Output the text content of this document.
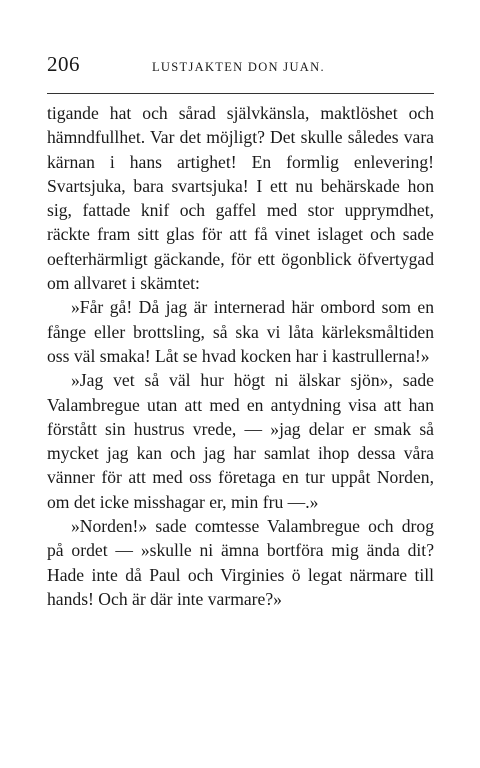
206	LUSTJAKTEN DON JUAN.

tigande hat och sårad självkänsla, maktlöshet och hämndfullhet. Var det möjligt? Det skulle således vara kärnan i hans artighet! En formlig enlevering! Svartsjuka, bara svartsjuka! I ett nu behärskade hon sig, fattade knif och gaffel med stor upprymdhet, räckte fram sitt glas för att få vinet islaget och sade oefterhärmligt gäckande, för ett ögonblick öfvertygad om allvaret i skämtet:

»Får gå! Då jag är internerad här ombord som en fånge eller brottsling, så ska vi låta kärleksmåltiden oss väl smaka! Låt se hvad kocken har i kastrullerna!»

»Jag vet så väl hur högt ni älskar sjön», sade Valambregue utan att med en antydning visa att han förstått sin hustrus vrede, — »jag delar er smak så mycket jag kan och jag har samlat ihop dessa våra vänner för att med oss företaga en tur uppåt Norden, om det icke misshagar er, min fru —.»

»Norden!» sade comtesse Valambregue och drog på ordet — »skulle ni ämna bortföra mig ända dit? Hade inte då Paul och Virginies ö legat närmare till hands! Och är där inte varmare?»
